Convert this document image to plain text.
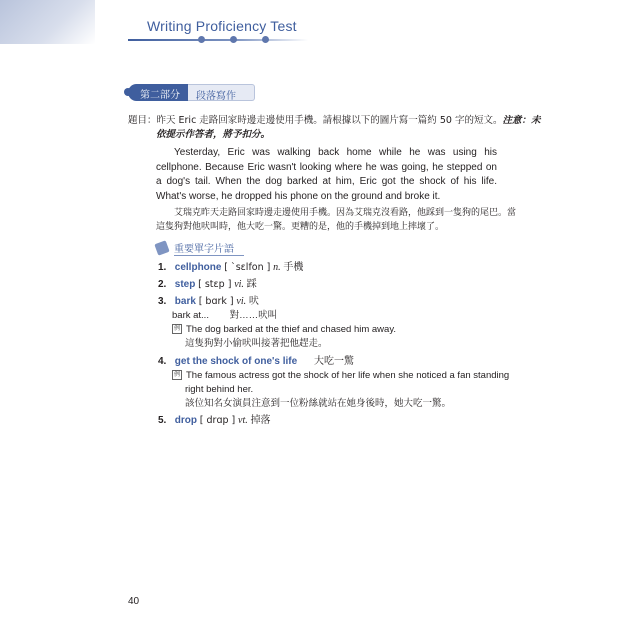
Writing Proficiency Test
第二部分	段落寫作
題目：昨天 Eric 走路回家時邊走邊使用手機。請根據以下的圖片寫一篇約 50 字的短文。注意：未
依提示作答者，將予扣分。
Yesterday, Eric was walking back home while he was using his cellphone. Because Eric wasn't looking where he was going, he stepped on a dog's tail. When the dog barked at him, Eric got the shock of his life. What's worse, he dropped his phone on the ground and broke it.
艾瑞克昨天走路回家時邊走邊使用手機。因為艾瑞克沒看路，他踩到一隻狗的尾巴。當
這隻狗對他吠叫時，他大吃一驚。更糟的是，他的手機掉到地上摔壞了。
重要單字片語
1. cellphone [ ˋsɛlfon ] n. 手機
2. step [ stɛp ] vi. 踩
3. bark [ bɑrk ] vi. 吠
bark at... 對……吠叫
例 The dog barked at the thief and chased him away.
這隻狗對小偷吠叫接著把他趕走。
4. get the shock of one's life 大吃一驚
例 The famous actress got the shock of her life when she noticed a fan standing
right behind her.
該位知名女演員注意到一位粉絲就站在她身後時，她大吃一驚。
5. drop [ drɑp ] vt. 掉落
40
